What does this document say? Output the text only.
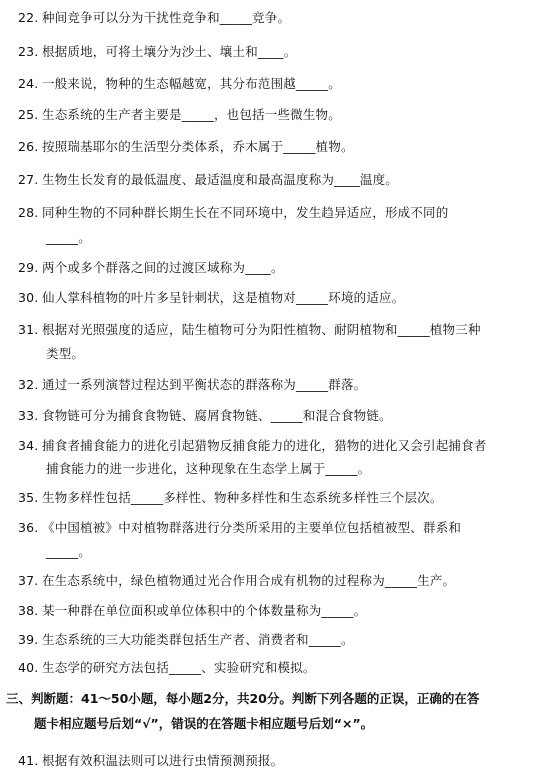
22. 种间竞争可以分为干扰性竞争和_____竞争。
23. 根据质地，可将土壤分为沙土、壤土和____。
24. 一般来说，物种的生态幅越宽，其分布范围越_____。
25. 生态系统的生产者主要是_____，也包括一些微生物。
26. 按照瑞基耶尔的生活型分类体系，乔木属于_____植物。
27. 生物生长发育的最低温度、最适温度和最高温度称为____温度。
28. 同种生物的不同种群长期生长在不同环境中，发生趋异适应，形成不同的
_____。
29. 两个或多个群落之间的过渡区域称为____。
30. 仙人掌科植物的叶片多呈针刺状，这是植物对_____环境的适应。
31. 根据对光照强度的适应，陆生植物可分为阳性植物、耐阴植物和_____植物三种
类型。
32. 通过一系列演替过程达到平衡状态的群落称为_____群落。
33. 食物链可分为捕食食物链、腐屑食物链、_____和混合食物链。
34. 捕食者捕食能力的进化引起猎物反捕食能力的进化，猎物的进化又会引起捕食者
捕食能力的进一步进化，这种现象在生态学上属于_____。
35. 生物多样性包括_____多样性、物种多样性和生态系统多样性三个层次。
36. 《中国植被》中对植物群落进行分类所采用的主要单位包括植被型、群系和
_____。
37. 在生态系统中，绿色植物通过光合作用合成有机物的过程称为_____生产。
38. 某一种群在单位面积或单位体积中的个体数量称为_____。
39. 生态系统的三大功能类群包括生产者、消费者和_____。
40. 生态学的研究方法包括_____、实验研究和模拟。
三、判断题：41～50小题，每小题2分，共20分。判断下列各题的正误，正确的在答
题卡相应题号后划“√”，错误的在答题卡相应题号后划“×”。
41. 根据有效积温法则可以进行虫情预测预报。
